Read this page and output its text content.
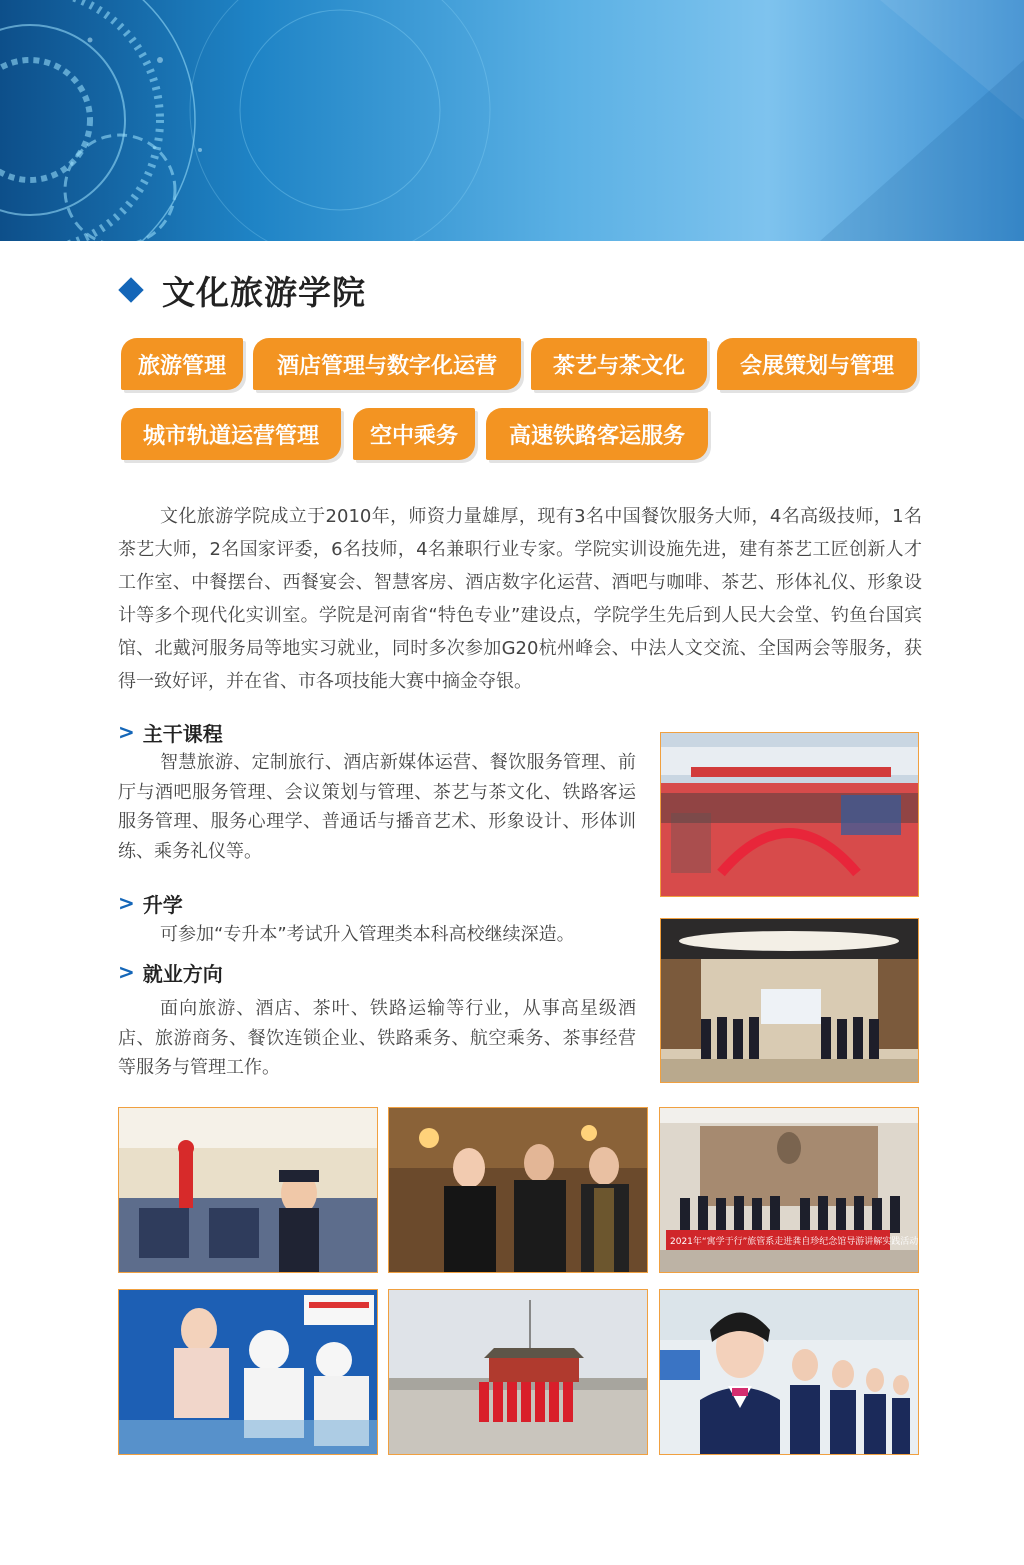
文化旅游学院
旅游管理	酒店管理与数字化运营	茶艺与茶文化	会展策划与管理
城市轨道运营管理	空中乘务	高速铁路客运服务

文化旅游学院成立于2010年，师资力量雄厚，现有3名中国餐饮服务大师，4名高级技师，1名茶艺大师，2名国家评委，6名技师，4名兼职行业专家。学院实训设施先进，建有茶艺工匠创新人才工作室、中餐摆台、西餐宴会、智慧客房、酒店数字化运营、酒吧与咖啡、茶艺、形体礼仪、形象设计等多个现代化实训室。学院是河南省“特色专业”建设点，学院学生先后到人民大会堂、钓鱼台国宾馆、北戴河服务局等地实习就业，同时多次参加G20杭州峰会、中法人文交流、全国两会等服务，获得一致好评，并在省、市各项技能大赛中摘金夺银。

> 主干课程

智慧旅游、定制旅行、酒店新媒体运营、餐饮服务管理、前厅与酒吧服务管理、会议策划与管理、茶艺与茶文化、铁路客运服务管理、服务心理学、普通话与播音艺术、形象设计、形体训练、乘务礼仪等。

> 升学

可参加“专升本”考试升入管理类本科高校继续深造。

> 就业方向

面向旅游、酒店、茶叶、铁路运输等行业，从事高星级酒店、旅游商务、餐饮连锁企业、铁路乘务、航空乘务、茶事经营等服务与管理工作。

2021年“寓学于行”旅管系走进龚自珍纪念馆导游讲解实践活动
